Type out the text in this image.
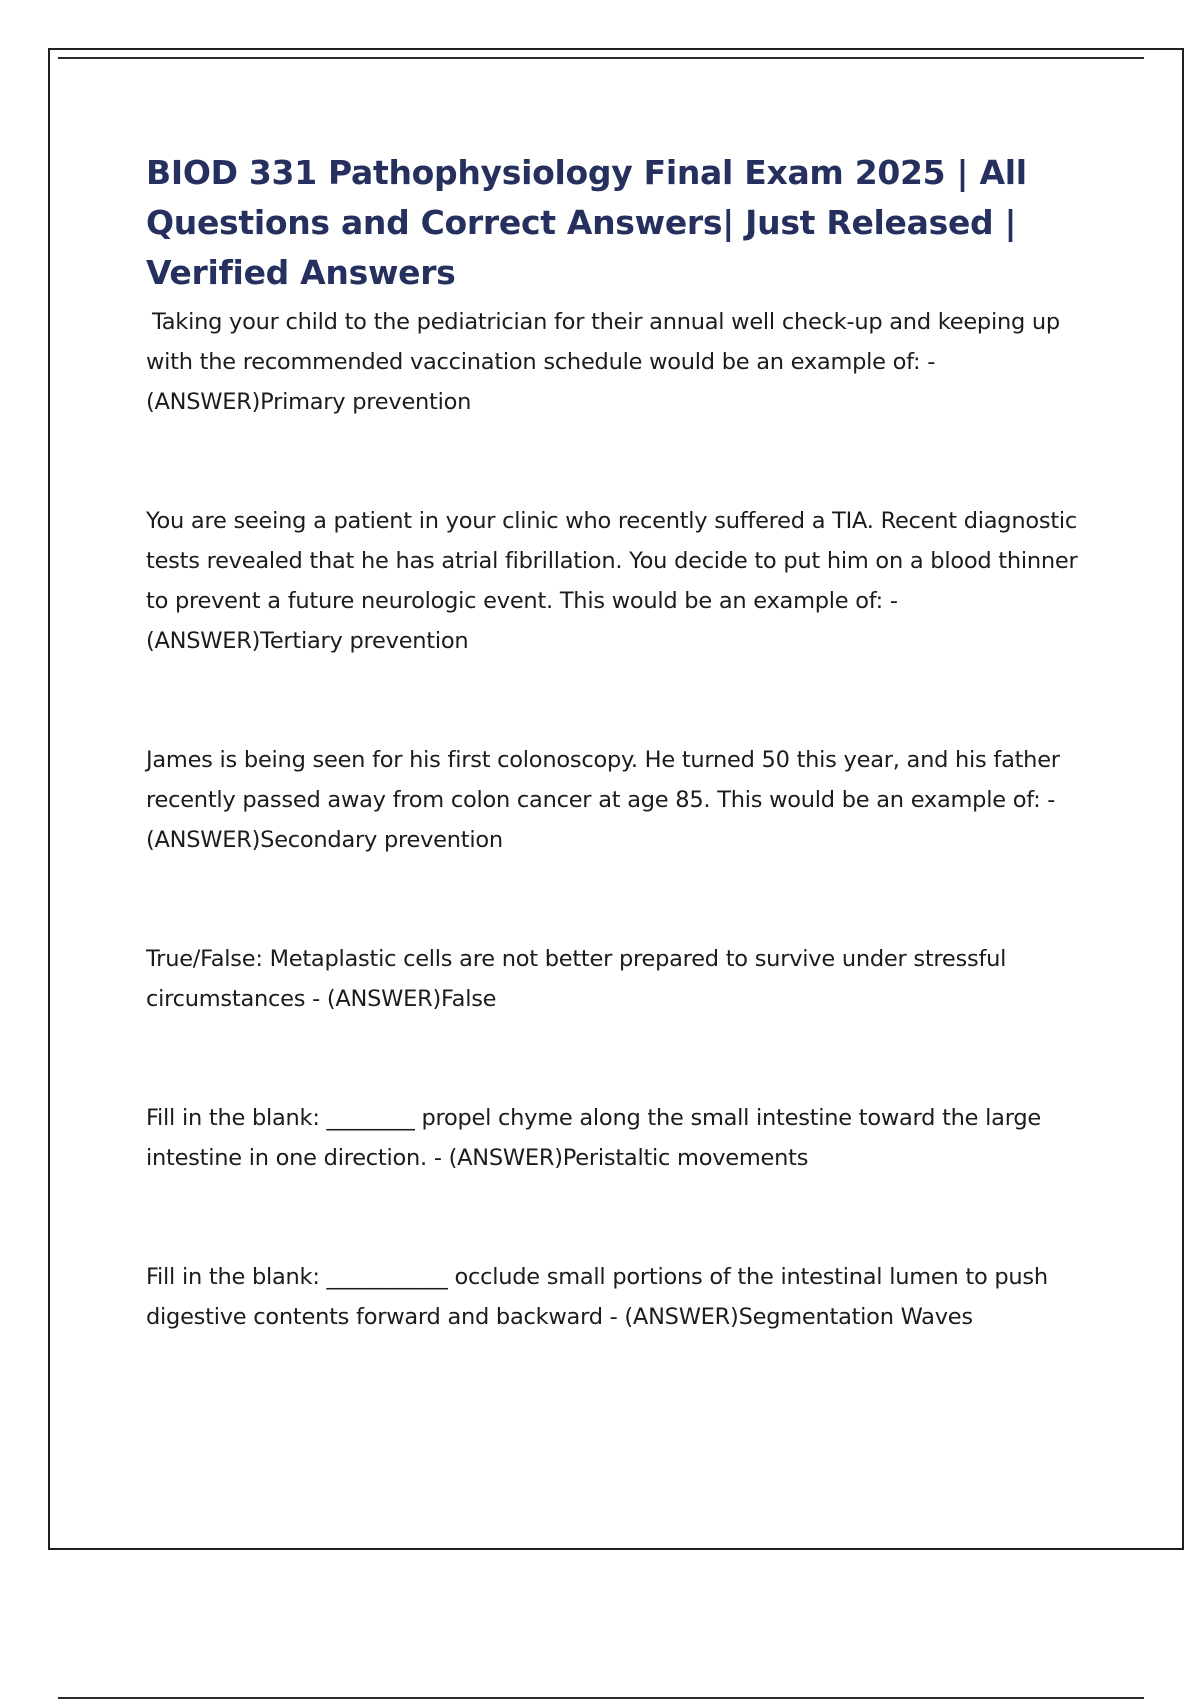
BIOD 331 Pathophysiology Final Exam 2025 | All Questions and Correct Answers| Just Released | Verified Answers
Taking your child to the pediatrician for their annual well check-up and keeping up with the recommended vaccination schedule would be an example of: - (ANSWER)Primary prevention
You are seeing a patient in your clinic who recently suffered a TIA. Recent diagnostic tests revealed that he has atrial fibrillation. You decide to put him on a blood thinner to prevent a future neurologic event. This would be an example of: - (ANSWER)Tertiary prevention
James is being seen for his first colonoscopy. He turned 50 this year, and his father recently passed away from colon cancer at age 85. This would be an example of: - (ANSWER)Secondary prevention
True/False: Metaplastic cells are not better prepared to survive under stressful circumstances - (ANSWER)False
Fill in the blank: ________ propel chyme along the small intestine toward the large intestine in one direction. - (ANSWER)Peristaltic movements
Fill in the blank: ___________ occlude small portions of the intestinal lumen to push digestive contents forward and backward - (ANSWER)Segmentation Waves
